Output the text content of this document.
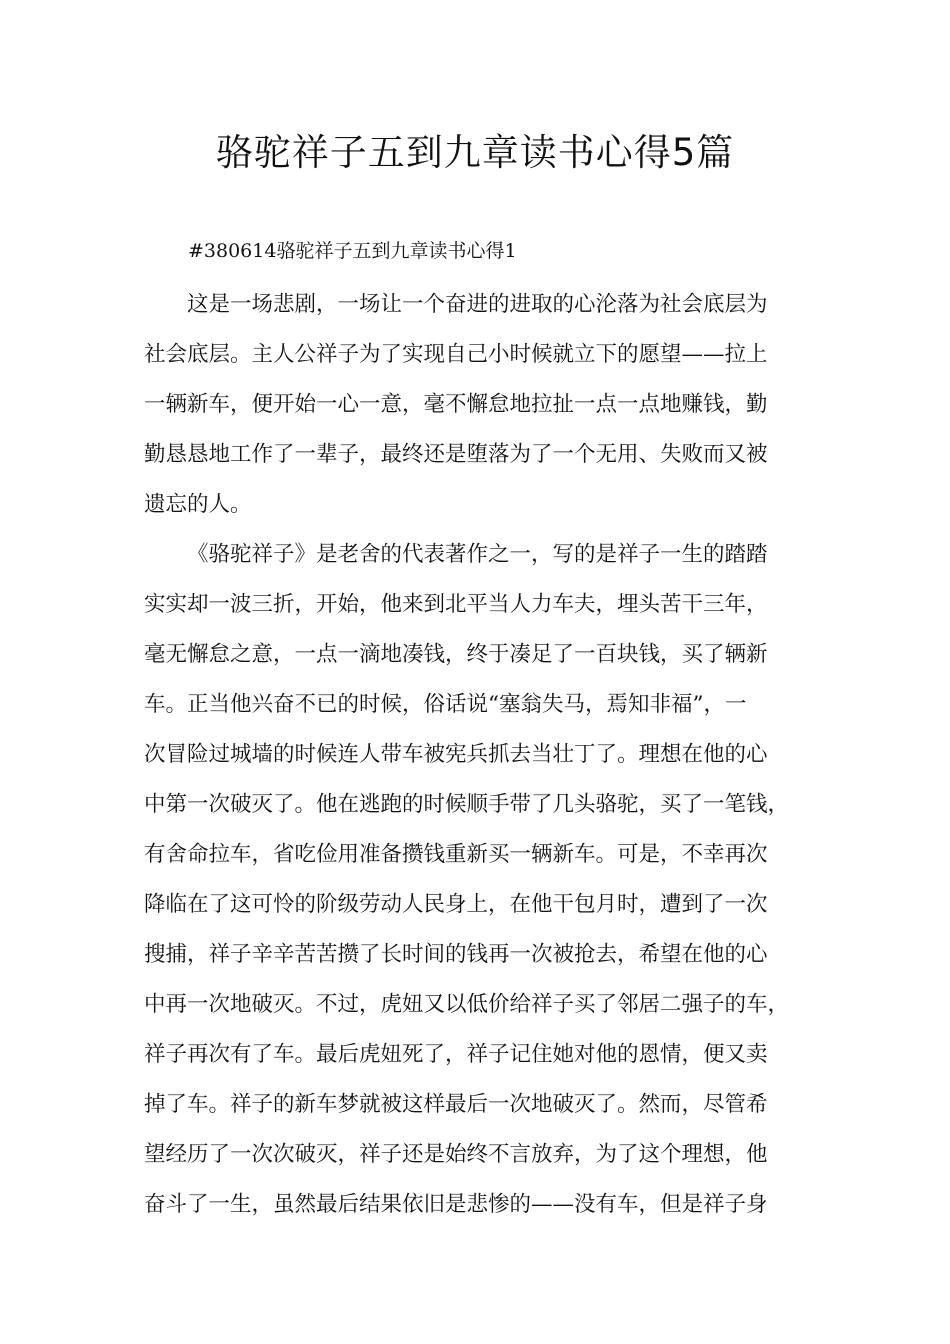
骆驼祥子五到九章读书心得5篇

#380614骆驼祥子五到九章读书心得1

这是一场悲剧，一场让一个奋进的进取的心沦落为社会底层为
社会底层。主人公祥子为了实现自己小时候就立下的愿望——拉上
一辆新车，便开始一心一意，毫不懈怠地拉扯一点一点地赚钱，勤
勤恳恳地工作了一辈子，最终还是堕落为了一个无用、失败而又被
遗忘的人。
《骆驼祥子》是老舍的代表著作之一，写的是祥子一生的踏踏
实实却一波三折，开始，他来到北平当人力车夫，埋头苦干三年，
毫无懈怠之意，一点一滴地凑钱，终于凑足了一百块钱，买了辆新
车。正当他兴奋不已的时候，俗话说“塞翁失马，焉知非福”，一
次冒险过城墙的时候连人带车被宪兵抓去当壮丁了。理想在他的心
中第一次破灭了。他在逃跑的时候顺手带了几头骆驼，买了一笔钱，
有舍命拉车，省吃俭用准备攒钱重新买一辆新车。可是，不幸再次
降临在了这可怜的阶级劳动人民身上，在他干包月时，遭到了一次
搜捕，祥子辛辛苦苦攒了长时间的钱再一次被抢去，希望在他的心
中再一次地破灭。不过，虎妞又以低价给祥子买了邻居二强子的车，
祥子再次有了车。最后虎妞死了，祥子记住她对他的恩情，便又卖
掉了车。祥子的新车梦就被这样最后一次地破灭了。然而，尽管希
望经历了一次次破灭，祥子还是始终不言放弃，为了这个理想，他
奋斗了一生，虽然最后结果依旧是悲惨的——没有车，但是祥子身
